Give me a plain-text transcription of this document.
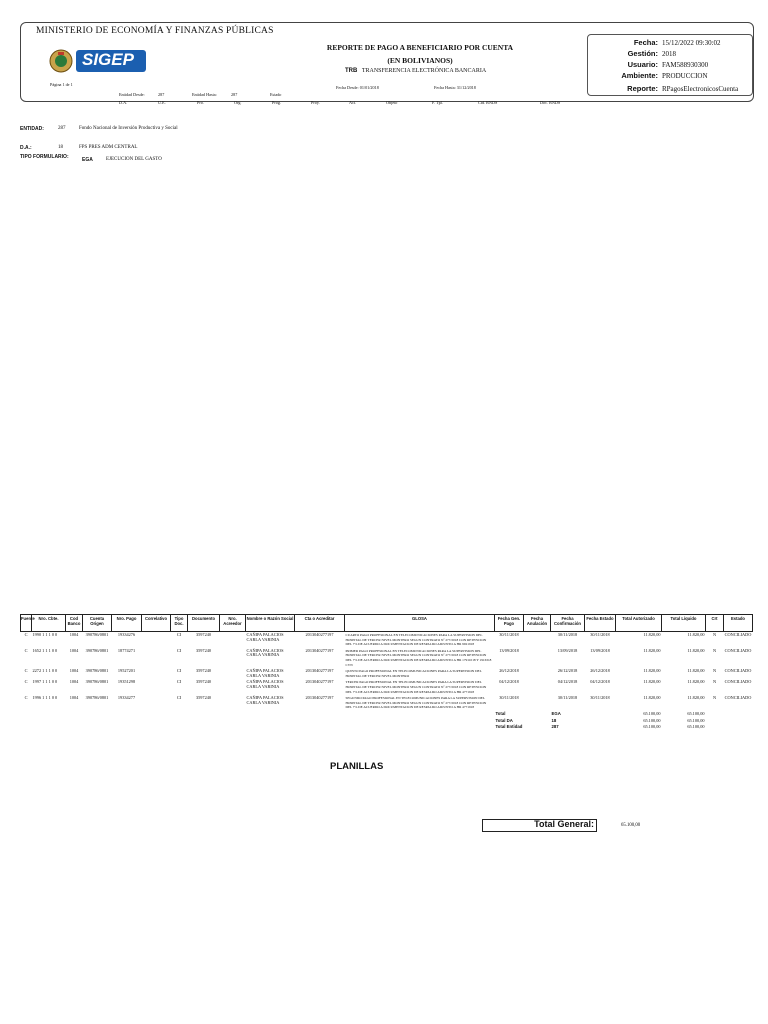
MINISTERIO DE ECONOMÍA Y FINANZAS PÚBLICAS
SIGEP
Página 1 de 1
REPORTE DE PAGO A BENEFICIARIO POR CUENTA
(EN BOLIVIANOS)
TRB TRANSFERENCIA ELECTRÓNICA BANCARIA
Fecha Desde: 01/01/2018	Fecha Hasta: 31/12/2018
Entidad Desde:	287	Entidad Hasta:	287	Estado
D.A.	U.E.	Pro.	Org.	Prog.	Proy.	Act.	Objeto	F. Tpl.	Ctd. RNDS	Doc. RNDS
Fecha: 15/12/2022 09:30:02
Gestión: 2018
Usuario: FAM588930300
Ambiente: PRODUCCION
Reporte: RPagosElectronicosCuenta
ENTIDAD:	287	Fondo Nacional de Inversión Productiva y Social
D.A.:	18	FPS PRES ADM CENTRAL
TIPO FORMULARIO:	EGA	EJECUCION DEL GASTO
Fuente	Nro. Cbte.	Cod Banco	Cuenta Origen	Nro. Pago	Correlativo	Tipo Doc.	Documento	Nro. Acreedor	Nombre o Razón Social	Cta o Acreditar	GLOSA	Fecha Gen. Pago	Fecha Anulación	Fecha Confirmación	Fecha Estado	Total Autorizado	Total Líquido	Crt	Estado
C	1990 1 1 1 0 0	1004	390786/0801	19334276		CI	3597240		CAÑIPA PALACIOS CARLA VARINIA	2013040277197	CUARTO PAGO PROFESIONAL EN TELECOMUNICACIONES PARA LA SUPERVISION DEL HOSPITAL DE TERCER NIVEL MONTERO SEGUN CONTRATO Nº 277/2018 CON RETENCION DEL 7% DE ACUERDO A DOCUMENTACION DE RESPALDO ADJUNTO A HR 9921918	30/11/2018		30/11/2018	30/11/2018	11.820,00	11.820,00	N	CONCILIADO
C	1652 1 1 1 0 0	1004	390786/0801	18774271		CI	3597240		CAÑIPA PALACIOS CARLA VARINIA	2013040277197	PRIMER PAGO PROFESIONAL EN TELECOMUNICACIONES PARA LA SUPERVISION DEL HOSPITAL DE TERCER NIVEL MONTERO SEGUN CONTRATO Nº 277/2018 CON RETENCION DEL 7% DE ACUERDO A DOCUMENTACION DE RESPALDO ADJUNTO A HR 17911018 Y 1916318 CVN	13/09/2018		13/09/2018	13/09/2018	11.820,00	11.820,00	N	CONCILIADO
C	2272 1 1 1 0 0	1004	390786/0801	19527201		CI	3597240		CAÑIPA PALACIOS CARLA VARINIA	2013040277197	QUINTO PAGO PROFESIONAL EN TELECOMUNICACIONES PARA LA SUPERVISION DEL HOSPITAL DE TERCER NIVEL MONTERO	26/12/2018		26/12/2018	26/12/2018	11.820,00	11.820,00	N	CONCILIADO
C	1997 1 1 1 0 0	1004	390786/0801	19351298		CI	3597240		CAÑIPA PALACIOS CARLA VARINIA	2013040277197	TERCER PAGO PROFESIONAL EN TELECOMUNICACIONES PARA LA SUPERVISION DEL HOSPITAL DE TERCER NIVEL MONTERO SEGUN CONTRATO Nº 277/2018 CON RETENCION DEL 7% DE ACUERDO A DOCUMENTACION DE RESPALDO ADJUNTO A HR 4771918	04/12/2018		04/12/2018	04/12/2018	11.820,00	11.820,00	N	CONCILIADO
C	1996 1 1 1 0 0	1004	390786/0801	19334277		CI	3597240		CAÑIPA PALACIOS CARLA VARINIA	2013040277197	SEGUNDO PAGO PROFESIONAL EN TELECOMUNICACIONES PARA LA SUPERVISION DEL HOSPITAL DE TERCER NIVEL MONTERO SEGUN CONTRATO Nº 277/2018 CON RETENCION DEL 7% DE ACUERDO A DOCUMENTACION DE RESPALDO ADJUNTO A HR 4771918	30/11/2018		30/11/2018	30/11/2018	11.820,00	11.820,00	N	CONCILIADO
												Total		EGA		65.100,00	65.100,00		
												Total DA		18		65.100,00	65.100,00		
												Total Entidad		287		65.100,00	65.100,00		
PLANILLAS
Total General:	65.100,00
